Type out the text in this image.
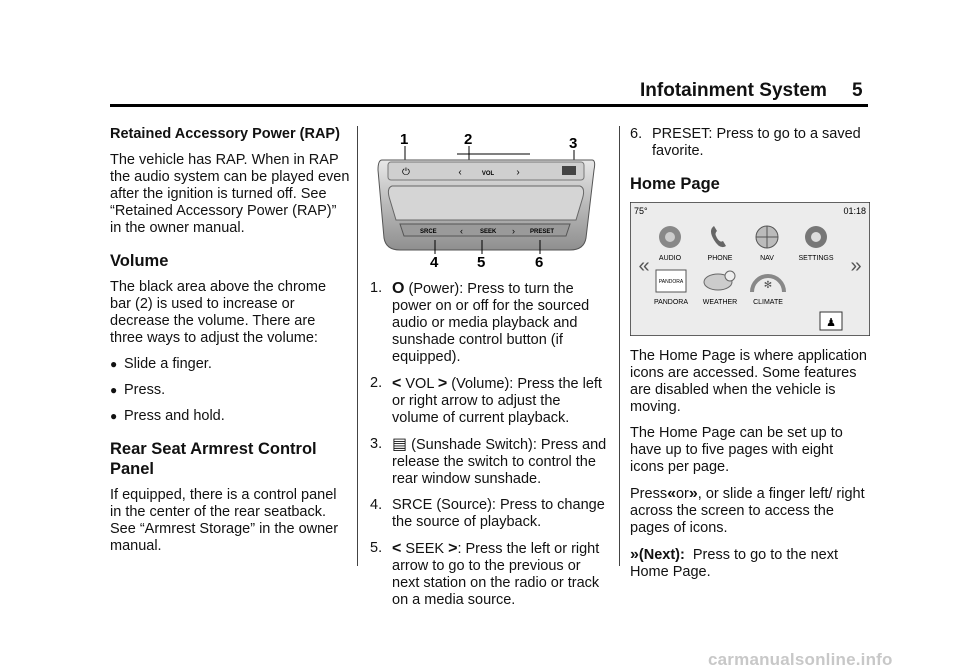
Infotainment System 5
Retained Accessory Power (RAP)
The vehicle has RAP. When in RAP the audio system can be played even after the ignition is turned off. See “Retained Accessory Power (RAP)” in the owner manual.
Volume
The black area above the chrome bar (2) is used to increase or decrease the volume. There are three ways to adjust the volume:
● Slide a finger.
● Press.
● Press and hold.
Rear Seat Armrest Control Panel
If equipped, there is a control panel in the center of the rear seatback. See “Armrest Storage” in the owner manual.
1	2	3
⏻	‹	VOL ›
SRCE	‹	SEEK ›	PRESET
4	5	6
1. O (Power): Press to turn the power on or off for the sourced audio or media playback and sunshade control button (if equipped).
2. < VOL > (Volume): Press the left or right arrow to adjust the volume of current playback.
3. ▤ (Sunshade Switch): Press and release the switch to control the rear window sunshade.
4. SRCE (Source): Press to change the source of playback.
5. < SEEK >: Press the left or right arrow to go to the previous or next station on the radio or track on a media source.
6. PRESET: Press to go to a saved favorite.
Home Page
75°	01:18
«	»
AUDIO	PHONE	NAV	SETTINGS
PANDORA	✻
PANDORA WEATHER CLIMATE
♟
The Home Page is where application icons are accessed. Some features are disabled when the vehicle is moving.
The Home Page can be set up to have up to five pages with eight icons per page.
Press«or», or slide a finger left/ right across the screen to access the pages of icons.
»(Next): Press to go to the next Home Page.
carmanualsonline.info
